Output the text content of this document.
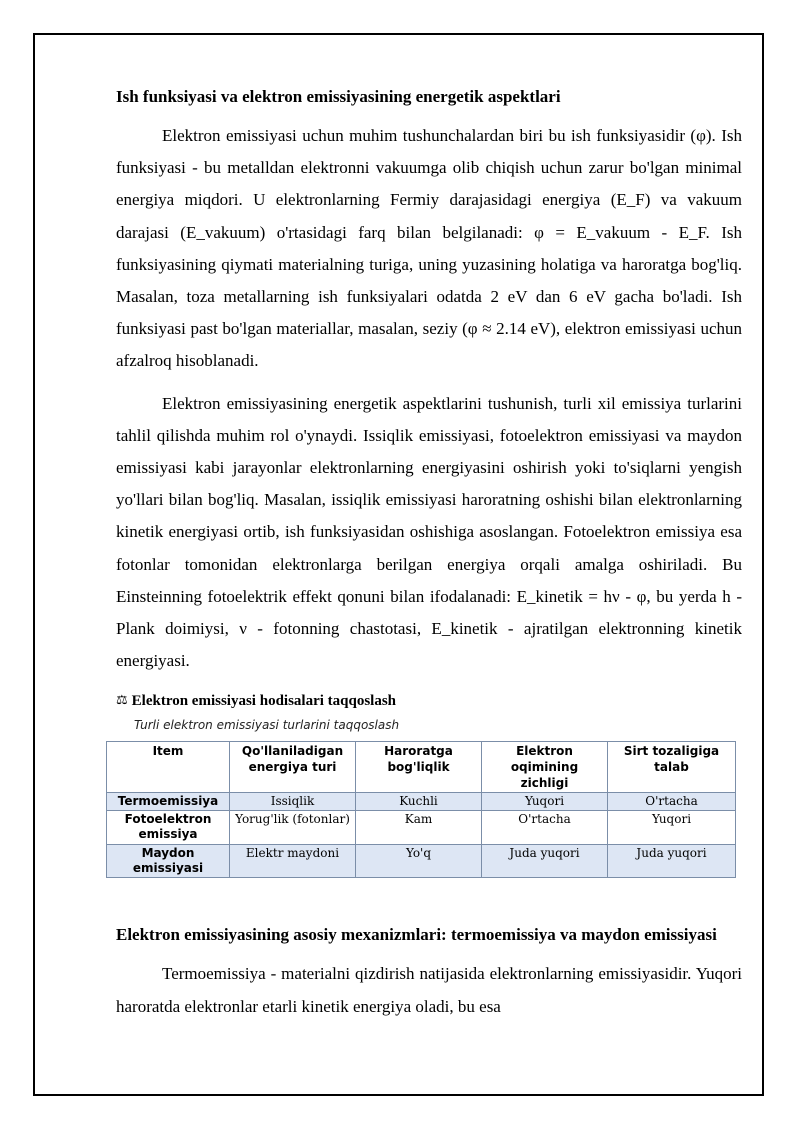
Ish funksiyasi va elektron emissiyasining energetik aspektlari

Elektron emissiyasi uchun muhim tushunchalardan biri bu ish funksiyasidir (φ). Ish funksiyasi - bu metalldan elektronni vakuumga olib chiqish uchun zarur bo'lgan minimal energiya miqdori. U elektronlarning Fermiy darajasidagi energiya (E_F) va vakuum darajasi (E_vakuum) o'rtasidagi farq bilan belgilanadi: φ = E_vakuum - E_F. Ish funksiyasining qiymati materialning turiga, uning yuzasining holatiga va haroratga bog'liq. Masalan, toza metallarning ish funksiyalari odatda 2 eV dan 6 eV gacha bo'ladi. Ish funksiyasi past bo'lgan materiallar, masalan, seziy (φ ≈ 2.14 eV), elektron emissiyasi uchun afzalroq hisoblanadi.

Elektron emissiyasining energetik aspektlarini tushunish, turli xil emissiya turlarini tahlil qilishda muhim rol o'ynaydi. Issiqlik emissiyasi, fotoelektron emissiyasi va maydon emissiyasi kabi jarayonlar elektronlarning energiyasini oshirish yoki to'siqlarni yengish yo'llari bilan bog'liq. Masalan, issiqlik emissiyasi haroratning oshishi bilan elektronlarning kinetik energiyasi ortib, ish funksiyasidan oshishiga asoslangan. Fotoelektron emissiya esa fotonlar tomonidan elektronlarga berilgan energiya orqali amalga oshiriladi. Bu Einsteinning fotoelektrik effekt qonuni bilan ifodalanadi: E_kinetik = hν - φ, bu yerda h - Plank doimiysi, ν - fotonning chastotasi, E_kinetik - ajratilgan elektronning kinetik energiyasi.

⚖ Elektron emissiyasi hodisalari taqqoslash
Turli elektron emissiyasi turlarini taqqoslash
Item	Qo'llaniladigan energiya turi	Haroratga bog'liqlik	Elektron oqimining zichligi	Sirt tozaligiga talab
Termoemissiya	Issiqlik	Kuchli	Yuqori	O'rtacha
Fotoelektron emissiya	Yorug'lik (fotonlar)	Kam	O'rtacha	Yuqori
Maydon emissiyasi	Elektr maydoni	Yo'q	Juda yuqori	Juda yuqori
Elektron emissiyasining asosiy mexanizmlari: termoemissiya va maydon emissiyasi

Termoemissiya - materialni qizdirish natijasida elektronlarning emissiyasidir. Yuqori haroratda elektronlar etarli kinetik energiya oladi, bu esa
